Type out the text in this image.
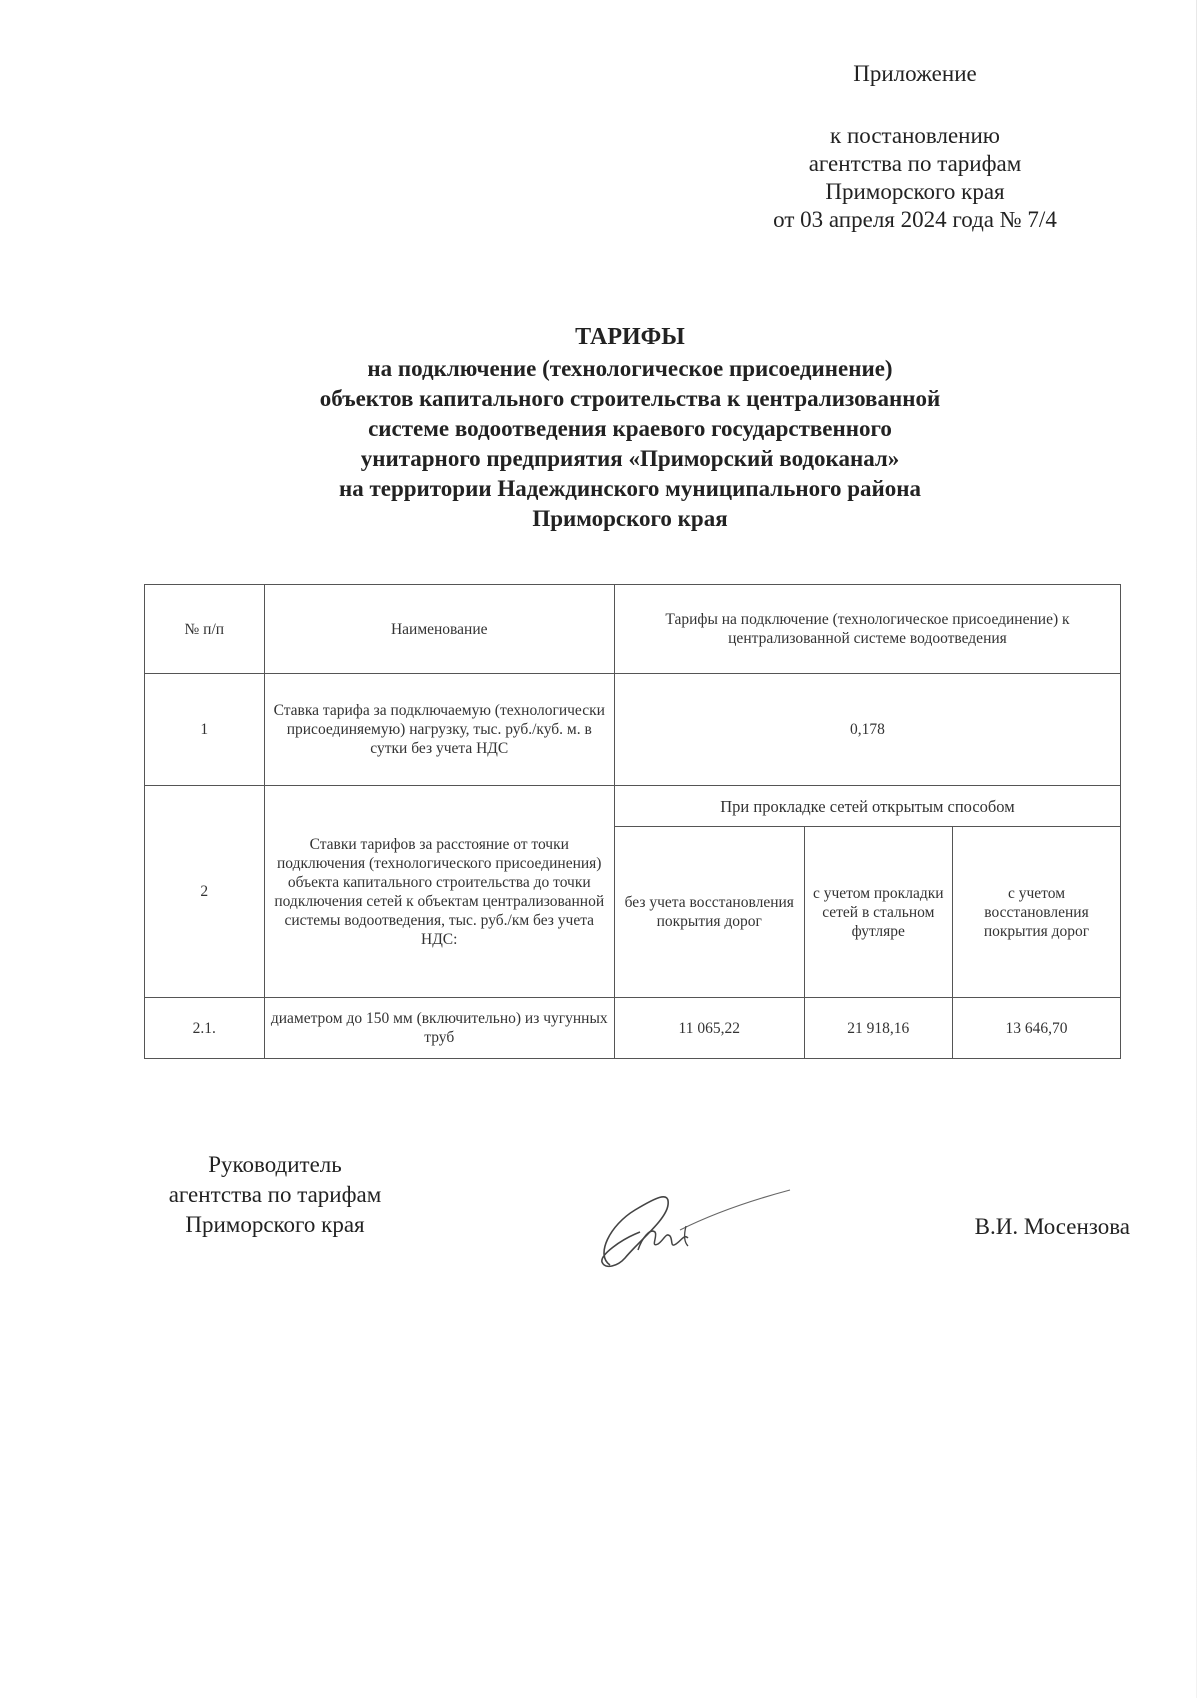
Приложение
к постановлению
агентства по тарифам
Приморского края
от 03 апреля 2024 года № 7/4
ТАРИФЫ
на подключение (технологическое присоединение)
объектов капитального строительства к централизованной
системе водоотведения краевого государственного
унитарного предприятия «Приморский водоканал»
на территории Надеждинского муниципального района
Приморского края
№ п/п	Наименование	Тарифы на подключение (технологическое присоединение) к централизованной системе водоотведения		
1	Ставка тарифа за подключаемую (технологически присоединяемую) нагрузку, тыс. руб./куб. м. в сутки без учета НДС	0,178		
2	Ставки тарифов за расстояние от точки подключения (технологического присоединения) объекта капитального строительства до точки подключения сетей к объектам централизованной системы водоотведения, тыс. руб./км без учета НДС:	При прокладке сетей открытым способом		
		без учета восстановления покрытия дорог	с учетом прокладки сетей в стальном футляре	с учетом восстановления покрытия дорог
2.1.	диаметром до 150 мм (включительно) из чугунных труб	11 065,22	21 918,16	13 646,70
Руководитель
агентства по тарифам
Приморского края	В.И. Мосензова
